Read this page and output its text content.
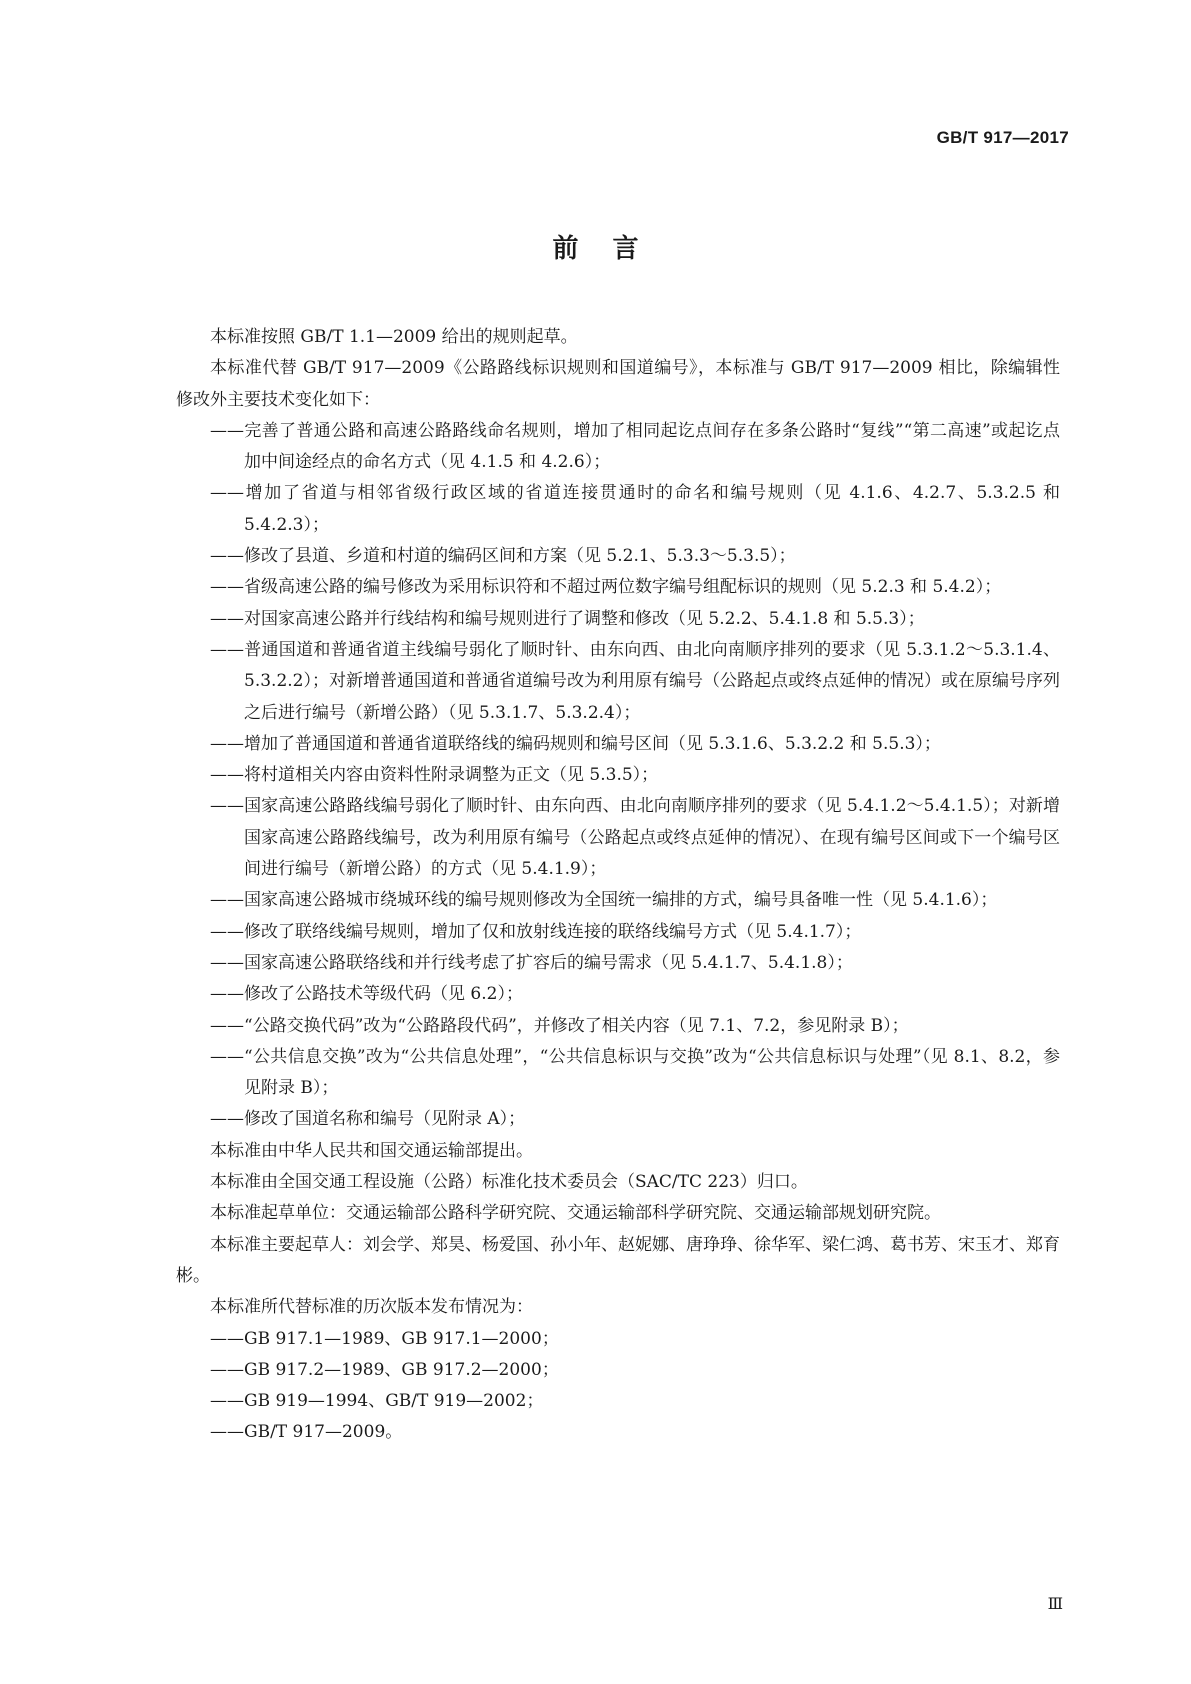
GB/T 917—2017
前言

本标准按照 GB/T 1.1—2009 给出的规则起草。

本标准代替 GB/T 917—2009《公路路线标识规则和国道编号》，本标准与 GB/T 917—2009 相比，除编辑性修改外主要技术变化如下：

——完善了普通公路和高速公路路线命名规则，增加了相同起讫点间存在多条公路时“复线”“第二高速”或起讫点加中间途经点的命名方式（见 4.1.5 和 4.2.6）；

——增加了省道与相邻省级行政区域的省道连接贯通时的命名和编号规则（见 4.1.6、4.2.7、5.3.2.5 和 5.4.2.3）；

——修改了县道、乡道和村道的编码区间和方案（见 5.2.1、5.3.3～5.3.5）；

——省级高速公路的编号修改为采用标识符和不超过两位数字编号组配标识的规则（见 5.2.3 和 5.4.2）；

——对国家高速公路并行线结构和编号规则进行了调整和修改（见 5.2.2、5.4.1.8 和 5.5.3）；

——普通国道和普通省道主线编号弱化了顺时针、由东向西、由北向南顺序排列的要求（见 5.3.1.2～5.3.1.4、5.3.2.2）；对新增普通国道和普通省道编号改为利用原有编号（公路起点或终点延伸的情况）或在原编号序列之后进行编号（新增公路）（见 5.3.1.7、5.3.2.4）；

——增加了普通国道和普通省道联络线的编码规则和编号区间（见 5.3.1.6、5.3.2.2 和 5.5.3）；

——将村道相关内容由资料性附录调整为正文（见 5.3.5）；

——国家高速公路路线编号弱化了顺时针、由东向西、由北向南顺序排列的要求（见 5.4.1.2～5.4.1.5）；对新增国家高速公路路线编号，改为利用原有编号（公路起点或终点延伸的情况）、在现有编号区间或下一个编号区间进行编号（新增公路）的方式（见 5.4.1.9）；

——国家高速公路城市绕城环线的编号规则修改为全国统一编排的方式，编号具备唯一性（见 5.4.1.6）；

——修改了联络线编号规则，增加了仅和放射线连接的联络线编号方式（见 5.4.1.7）；

——国家高速公路联络线和并行线考虑了扩容后的编号需求（见 5.4.1.7、5.4.1.8）；

——修改了公路技术等级代码（见 6.2）；

——“公路交换代码”改为“公路路段代码”，并修改了相关内容（见 7.1、7.2，参见附录 B）；

——“公共信息交换”改为“公共信息处理”，“公共信息标识与交换”改为“公共信息标识与处理”（见 8.1、8.2，参见附录 B）；

——修改了国道名称和编号（见附录 A）；

本标准由中华人民共和国交通运输部提出。

本标准由全国交通工程设施（公路）标准化技术委员会（SAC/TC 223）归口。

本标准起草单位：交通运输部公路科学研究院、交通运输部科学研究院、交通运输部规划研究院。

本标准主要起草人：刘会学、郑昊、杨爱国、孙小年、赵妮娜、唐琤琤、徐华军、梁仁鸿、葛书芳、宋玉才、郑育彬。

本标准所代替标准的历次版本发布情况为：

——GB 917.1—1989、GB 917.1—2000；

——GB 917.2—1989、GB 917.2—2000；

——GB 919—1994、GB/T 919—2002；

——GB/T 917—2009。

Ⅲ
